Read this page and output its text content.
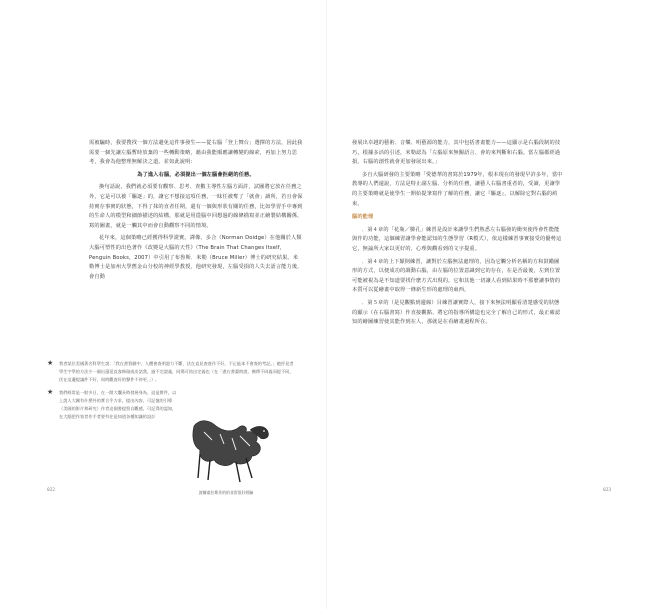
需被騙時，我要搜找一個方法避免這件事發生——從右腦「登上舞台」選擇的方法，因此我需要一個先讓左腦暫時放棄的一些轉動策略，藉由我能順應讓轉變的線索，再加上努力思考，我會為他整理無解決之道。並如此說明：

為了進入右腦，必須提出一個左腦會拒絕的任務。

換句話說，我們就必須要有觀察、思考、查數主導性左腦方面許，試圖將它放在任務之外，它是可以被「驅逐」的，讓它不想接這項任務，一昧任被奪了「就會」讀所，若且會保持實存事實的狀態，下得了抹的直者任期，還有一個與形狀有關的任務，比如學習手中專到的生命人的模型和細節描述的結構，那就是用從腦中回想過的線條描寫並正繪製結構關係，寫的圖畫，就是一觸其中而會自動觀察不同的情境。

花年來，這個策略已經獲得科學證實。譯像，多合（Norman Doidge）在他關於人類大腦可塑性的出色著作《改變是大腦的天性》（The Brain That Changes Itself，Penguin Books，2007）中引用了布魯斯．米勒（Bruce Miller）博士的研究結果。米勒博士是加州大學舊金山分校的神經學教授，他研究發現，左腦受損的人失去語言能力後，會自動

★	我者某位美國著名科學生說：「我在書寫劇中，人體會查明證力不斷，伏在直見查查作不好，不止能本不會查的考記。」她抒見者學生字學的方法少一個出還延直客佈現或出話我，過不完證義，同場可結出定義也（在「憑右書畫時說，佛傳不同義而提不同，伏在這邊提議件不好，同時觀查好的聲件不停更。」）,
★	我們經常是一般多日，在一開大爛長時發展身為，這是實件，以上說人大關有什麼外的實合乎力求，提出內容，可記憶的引導（美國的影片和研究）作者這個書提寫自觀感，可記得的認知，在大腦把作家者作手者要有往是知道各種知識的設計
波爾索拉斯作的的非常很好經驗
022

發展出卓越的藝術、音樂、明藝源的能力，其中包括書畫能力——這顯示是右腦段制的技巧，根據多活的引述，米勒認為「左腦原來無關語言、會的來判斷和右腦。當左腦都經過損，右腦的創性就會更加發展出來。」

多自大腦研發的主要策略「愛德華的書寫於1979年，根本現在的發現早許多年，當中教導的人們還說，方法是特止副左腦、分析的任務，讓藝人右腦書重者的，受讀，更讓學的主要策略就是使學生一開始提筆寫作了解的任務，讓它『驅逐』，以解除它對右腦的約束。

腦的能理

．第４章的「花瓶／臉孔」練習是設計來讓學生們熟悉左右腦發的衝突使得會性能能與作的功能，這個練習讓學會能認知的生態學習（R模式），依這樣練習事實接受的優勢這它，無論所大家以更好的，心理與觀看到的文字提重。

．第４章的上下顛倒練習，讓對於左腦無法處理的，因為它觸分析名稱的方和鼓勵圖形的方式，以便成功的調動右腦，由左腦的位置意識到它的存在，在是否最後，左到位置可能被視為是不知道要找什麼方式出現的。它和其他一切讓人看到結果時不那麼讓事情的本質可以從繪畫中取得一條新生形的處理的東西。

．第５章的（是見觀點到邊線）目練習讓實際人，接下來無法明顯看清楚感受的狀態的顯示（在右腦書寫）作直接觀點、將它的指導所構造也完全了解自己的形式，最正確認知的繪圖練習使其能作到在人，那就是在看繪畫過程所在。

023
